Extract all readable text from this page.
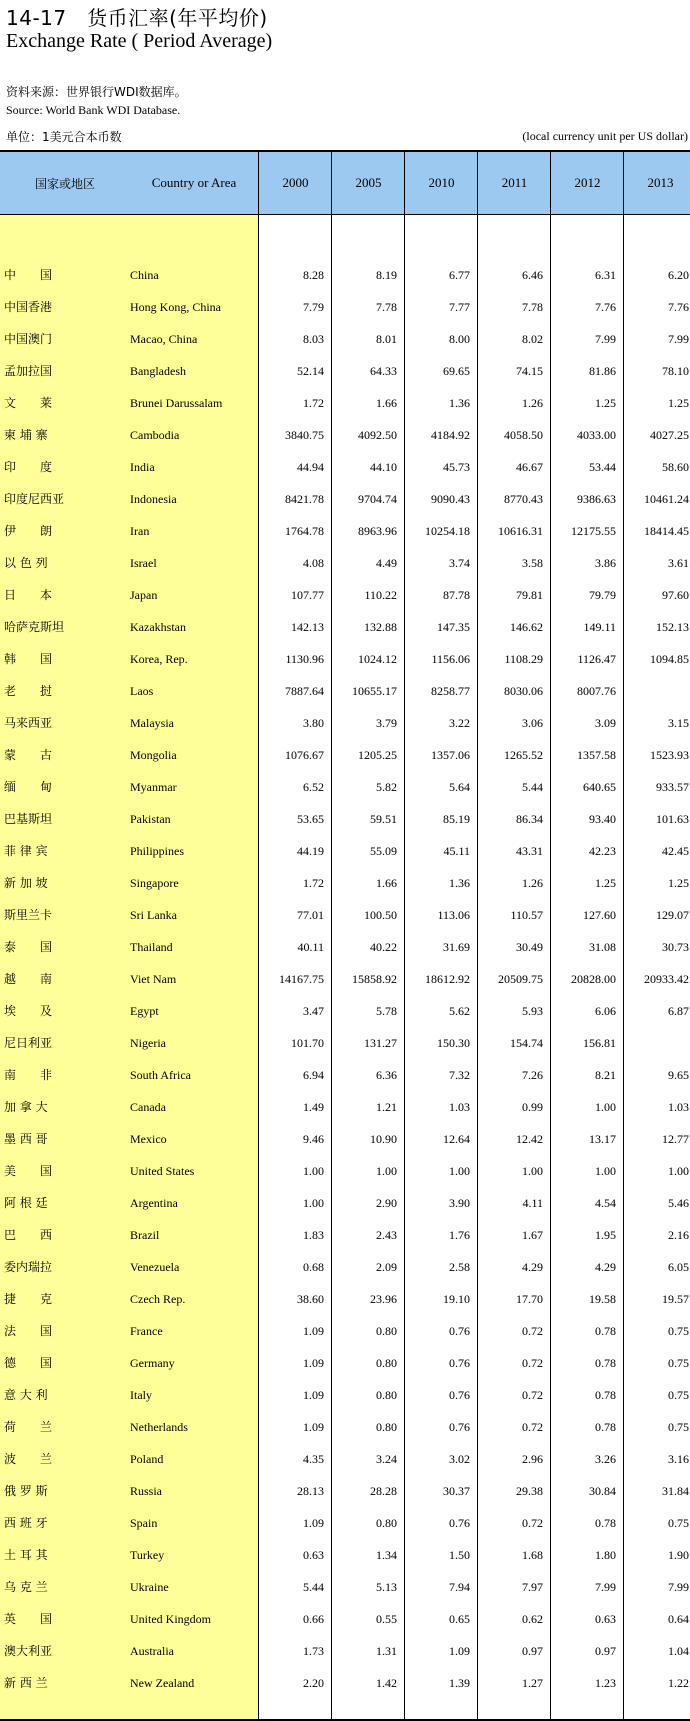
14-17　货币汇率(年平均价)
Exchange Rate ( Period Average)
资料来源：世界银行WDI数据库。
Source: World Bank WDI Database.
单位：1美元合本币数	(local currency unit per US dollar)
国家或地区	Country or Area	2000	2005	2010	2011	2012	2013
中　　国	China	8.28	8.19	6.77	6.46	6.31	6.20
中国香港	Hong Kong, China	7.79	7.78	7.77	7.78	7.76	7.76
中国澳门	Macao, China	8.03	8.01	8.00	8.02	7.99	7.99
孟加拉国	Bangladesh	52.14	64.33	69.65	74.15	81.86	78.10
文　　莱	Brunei Darussalam	1.72	1.66	1.36	1.26	1.25	1.25
柬 埔 寨	Cambodia	3840.75	4092.50	4184.92	4058.50	4033.00	4027.25
印　　度	India	44.94	44.10	45.73	46.67	53.44	58.60
印度尼西亚	Indonesia	8421.78	9704.74	9090.43	8770.43	9386.63	10461.24
伊　　朗	Iran	1764.78	8963.96	10254.18	10616.31	12175.55	18414.45
以 色 列	Israel	4.08	4.49	3.74	3.58	3.86	3.61
日　　本	Japan	107.77	110.22	87.78	79.81	79.79	97.60
哈萨克斯坦	Kazakhstan	142.13	132.88	147.35	146.62	149.11	152.13
韩　　国	Korea, Rep.	1130.96	1024.12	1156.06	1108.29	1126.47	1094.85
老　　挝	Laos	7887.64	10655.17	8258.77	8030.06	8007.76
马来西亚	Malaysia	3.80	3.79	3.22	3.06	3.09	3.15
蒙　　古	Mongolia	1076.67	1205.25	1357.06	1265.52	1357.58	1523.93
缅　　甸	Myanmar	6.52	5.82	5.64	5.44	640.65	933.57
巴基斯坦	Pakistan	53.65	59.51	85.19	86.34	93.40	101.63
菲 律 宾	Philippines	44.19	55.09	45.11	43.31	42.23	42.45
新 加 坡	Singapore	1.72	1.66	1.36	1.26	1.25	1.25
斯里兰卡	Sri Lanka	77.01	100.50	113.06	110.57	127.60	129.07
泰　　国	Thailand	40.11	40.22	31.69	30.49	31.08	30.73
越　　南	Viet Nam	14167.75	15858.92	18612.92	20509.75	20828.00	20933.42
埃　　及	Egypt	3.47	5.78	5.62	5.93	6.06	6.87
尼日利亚	Nigeria	101.70	131.27	150.30	154.74	156.81
南　　非	South Africa	6.94	6.36	7.32	7.26	8.21	9.65
加 拿 大	Canada	1.49	1.21	1.03	0.99	1.00	1.03
墨 西 哥	Mexico	9.46	10.90	12.64	12.42	13.17	12.77
美　　国	United States	1.00	1.00	1.00	1.00	1.00	1.00
阿 根 廷	Argentina	1.00	2.90	3.90	4.11	4.54	5.46
巴　　西	Brazil	1.83	2.43	1.76	1.67	1.95	2.16
委内瑞拉	Venezuela	0.68	2.09	2.58	4.29	4.29	6.05
捷　　克	Czech Rep.	38.60	23.96	19.10	17.70	19.58	19.57
法　　国	France	1.09	0.80	0.76	0.72	0.78	0.75
德　　国	Germany	1.09	0.80	0.76	0.72	0.78	0.75
意 大 利	Italy	1.09	0.80	0.76	0.72	0.78	0.75
荷　　兰	Netherlands	1.09	0.80	0.76	0.72	0.78	0.75
波　　兰	Poland	4.35	3.24	3.02	2.96	3.26	3.16
俄 罗 斯	Russia	28.13	28.28	30.37	29.38	30.84	31.84
西 班 牙	Spain	1.09	0.80	0.76	0.72	0.78	0.75
土 耳 其	Turkey	0.63	1.34	1.50	1.68	1.80	1.90
乌 克 兰	Ukraine	5.44	5.13	7.94	7.97	7.99	7.99
英　　国	United Kingdom	0.66	0.55	0.65	0.62	0.63	0.64
澳大利亚	Australia	1.73	1.31	1.09	0.97	0.97	1.04
新 西 兰	New Zealand	2.20	1.42	1.39	1.27	1.23	1.22
